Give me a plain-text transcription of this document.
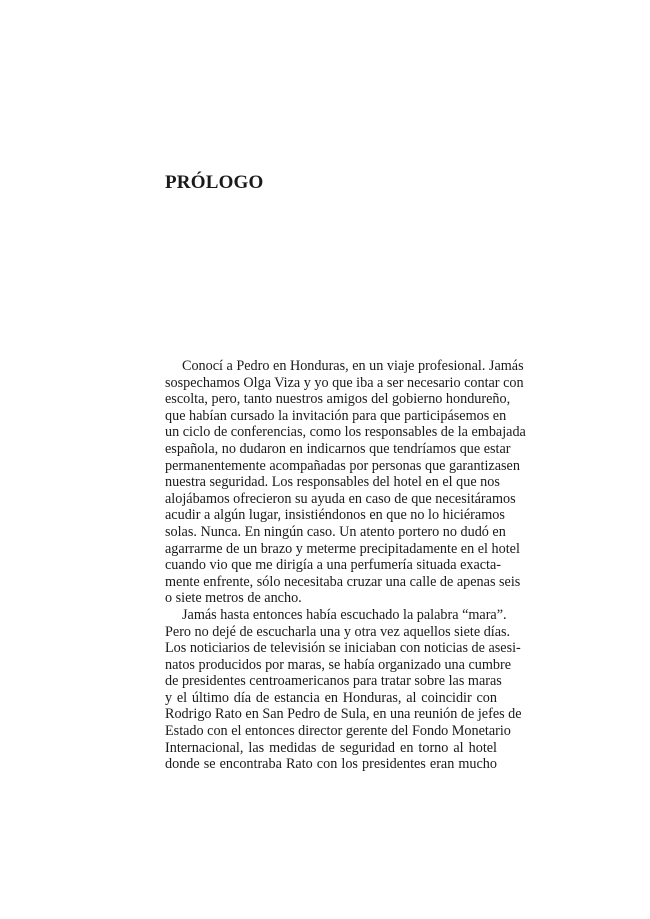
PRÓLOGO
Conocí a Pedro en Honduras, en un viaje profesional. Jamás
sospechamos Olga Viza y yo que iba a ser necesario contar con
escolta, pero, tanto nuestros amigos del gobierno hondureño,
que habían cursado la invitación para que participásemos en
un ciclo de conferencias, como los responsables de la embajada
española, no dudaron en indicarnos que tendríamos que estar
permanentemente acompañadas por personas que garantizasen
nuestra seguridad. Los responsables del hotel en el que nos
alojábamos ofrecieron su ayuda en caso de que necesitáramos
acudir a algún lugar, insistiéndonos en que no lo hiciéramos
solas. Nunca. En ningún caso. Un atento portero no dudó en
agarrarme de un brazo y meterme precipitadamente en el hotel
cuando vio que me dirigía a una perfumería situada exacta-
mente enfrente, sólo necesitaba cruzar una calle de apenas seis
o siete metros de ancho.
Jamás hasta entonces había escuchado la palabra “mara”.
Pero no dejé de escucharla una y otra vez aquellos siete días.
Los noticiarios de televisión se iniciaban con noticias de asesi-
natos producidos por maras, se había organizado una cumbre
de presidentes centroamericanos para tratar sobre las maras
y el último día de estancia en Honduras, al coincidir con
Rodrigo Rato en San Pedro de Sula, en una reunión de jefes de
Estado con el entonces director gerente del Fondo Monetario
Internacional, las medidas de seguridad en torno al hotel
donde se encontraba Rato con los presidentes eran mucho
